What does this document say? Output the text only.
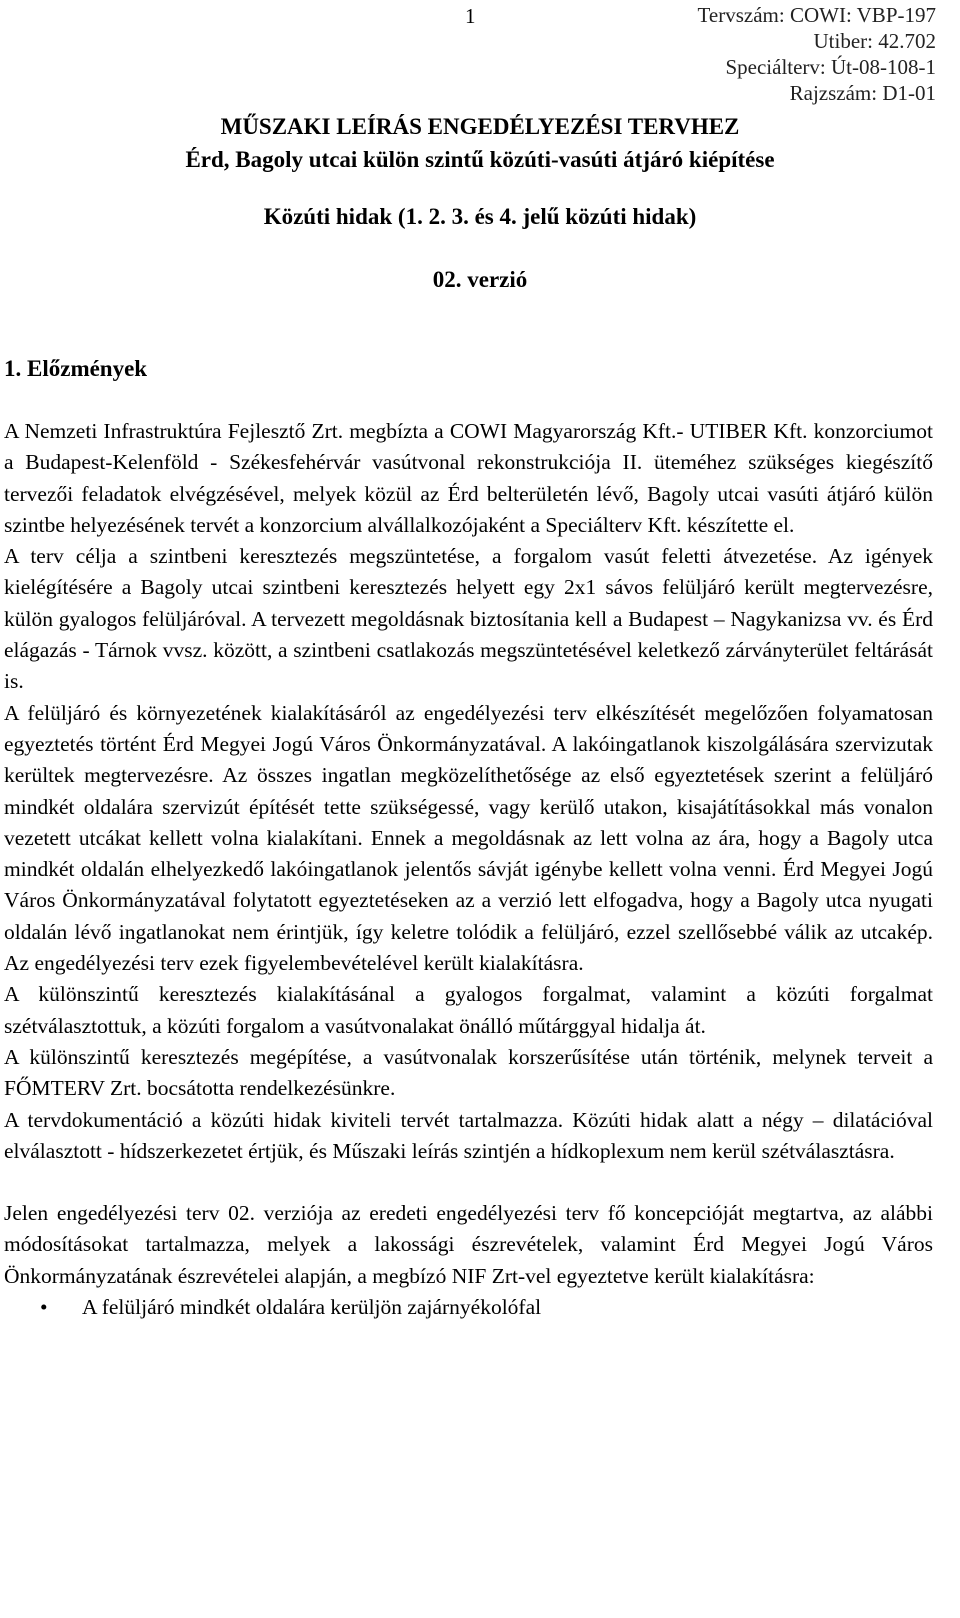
1	Tervszám: COWI: VBP-197
Utiber: 42.702
Speciálterv: Út-08-108-1
Rajzszám: D1-01
MŰSZAKI LEÍRÁS ENGEDÉLYEZÉSI TERVHEZ
Érd, Bagoly utcai külön szintű közúti-vasúti átjáró kiépítése
Közúti hidak (1. 2. 3. és 4. jelű közúti hidak)
02. verzió
1. Előzmények

A Nemzeti Infrastruktúra Fejlesztő Zrt. megbízta a COWI Magyarország Kft.- UTIBER Kft. konzorciumot a Budapest-Kelenföld - Székesfehérvár vasútvonal rekonstrukciója II. üteméhez szükséges kiegészítő tervezői feladatok elvégzésével, melyek közül az Érd belterületén lévő, Bagoly utcai vasúti átjáró külön szintbe helyezésének tervét a konzorcium alvállalkozójaként a Speciálterv Kft. készítette el.

A terv célja a szintbeni keresztezés megszüntetése, a forgalom vasút feletti átvezetése. Az igények kielégítésére a Bagoly utcai szintbeni keresztezés helyett egy 2x1 sávos felüljáró került megtervezésre, külön gyalogos felüljáróval. A tervezett megoldásnak biztosítania kell a Budapest – Nagykanizsa vv. és Érd elágazás - Tárnok vvsz. között, a szintbeni csatlakozás megszüntetésével keletkező zárványterület feltárását is.

A felüljáró és környezetének kialakításáról az engedélyezési terv elkészítését megelőzően folyamatosan egyeztetés történt Érd Megyei Jogú Város Önkormányzatával. A lakóingatlanok kiszolgálására szervizutak kerültek megtervezésre. Az összes ingatlan megközelíthetősége az első egyeztetések szerint a felüljáró mindkét oldalára szervizút építését tette szükségessé, vagy kerülő utakon, kisajátításokkal más vonalon vezetett utcákat kellett volna kialakítani. Ennek a megoldásnak az lett volna az ára, hogy a Bagoly utca mindkét oldalán elhelyezkedő lakóingatlanok jelentős sávját igénybe kellett volna venni. Érd Megyei Jogú Város Önkormányzatával folytatott egyeztetéseken az a verzió lett elfogadva, hogy a Bagoly utca nyugati oldalán lévő ingatlanokat nem érintjük, így keletre tolódik a felüljáró, ezzel szellősebbé válik az utcakép. Az engedélyezési terv ezek figyelembevételével került kialakításra.

A különszintű keresztezés kialakításánal a gyalogos forgalmat, valamint a közúti forgalmat szétválasztottuk, a közúti forgalom a vasútvonalakat önálló műtárggyal hidalja át.

A különszintű keresztezés megépítése, a vasútvonalak korszerűsítése után történik, melynek terveit a FŐMTERV Zrt. bocsátotta rendelkezésünkre.

A tervdokumentáció a közúti hidak kiviteli tervét tartalmazza. Közúti hidak alatt a négy – dilatációval elválasztott - hídszerkezetet értjük, és Műszaki leírás szintjén a hídkoplexum nem kerül szétválasztásra.

Jelen engedélyezési terv 02. verziója az eredeti engedélyezési terv fő koncepcióját megtartva, az alábbi módosításokat tartalmazza, melyek a lakossági észrevételek, valamint Érd Megyei Jogú Város Önkormányzatának észrevételei alapján, a megbízó NIF Zrt-vel egyeztetve került kialakításra:

• A felüljáró mindkét oldalára kerüljön zajárnyékolófal
